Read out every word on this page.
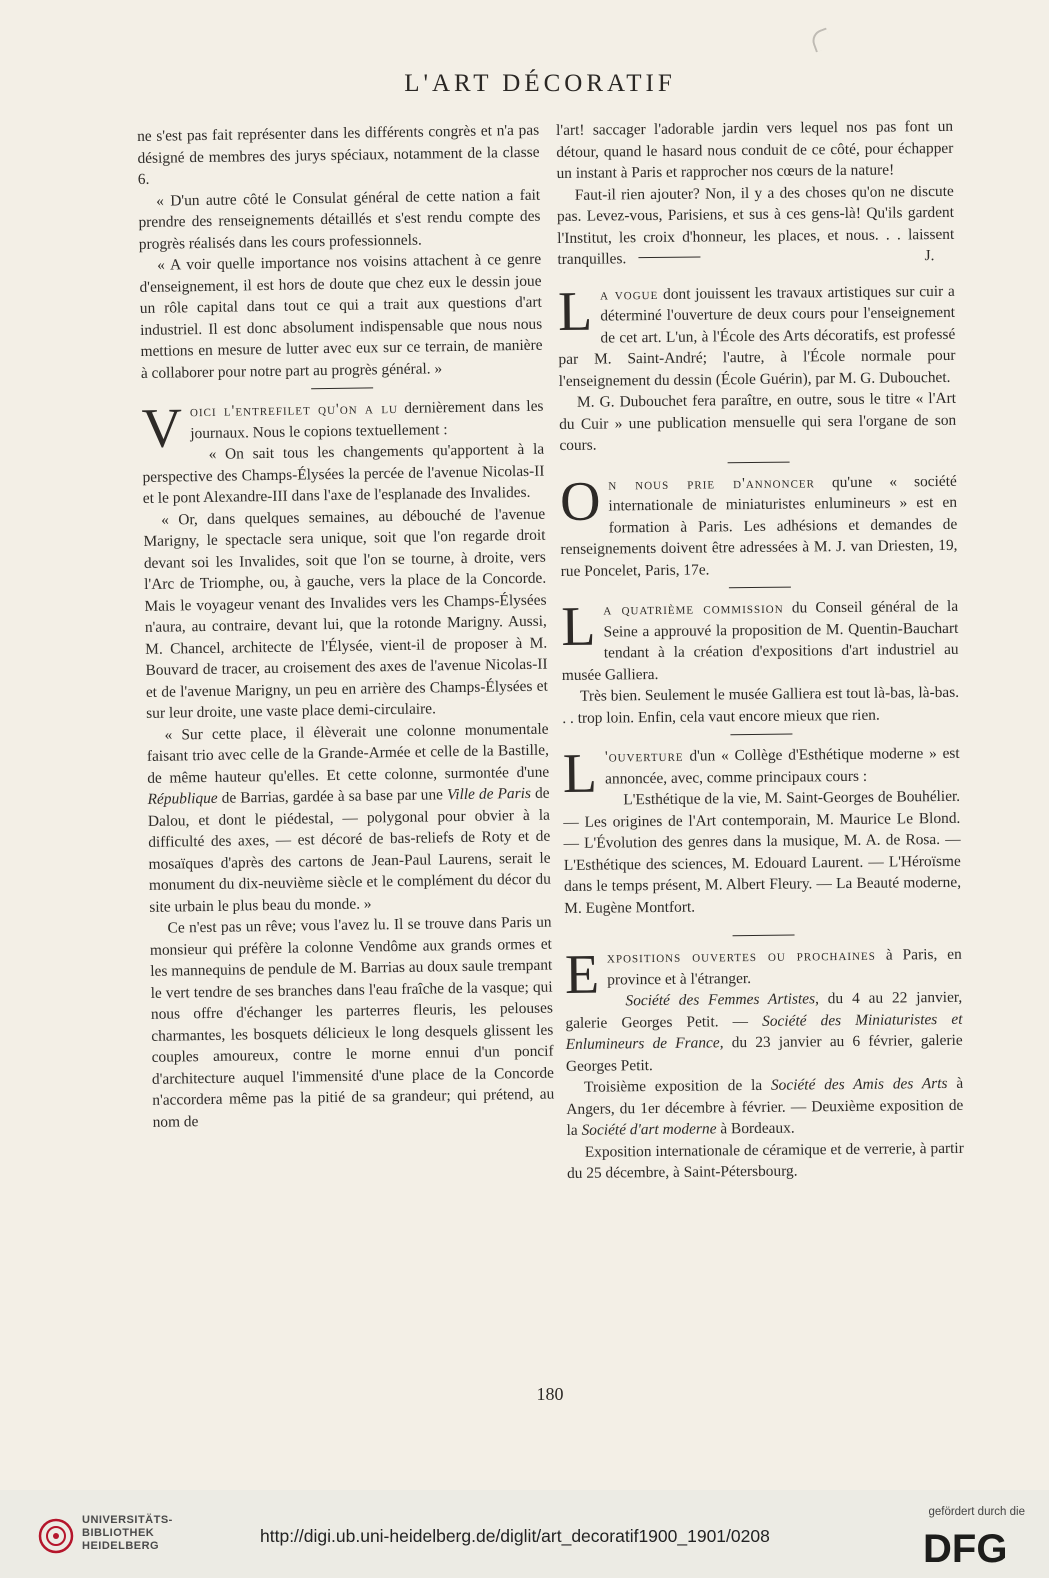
L'ART DÉCORATIF

ne s'est pas fait représenter dans les différents congrès et n'a pas désigné de membres des jurys spéciaux, notamment de la classe 6.

« D'un autre côté le Consulat général de cette nation a fait prendre des renseignements détaillés et s'est rendu compte des progrès réalisés dans les cours professionnels.

« A voir quelle importance nos voisins attachent à ce genre d'enseignement, il est hors de doute que chez eux le dessin joue un rôle capital dans tout ce qui a trait aux questions d'art industriel. Il est donc absolument indispensable que nous nous mettions en mesure de lutter avec eux sur ce terrain, de manière à collaborer pour notre part au progrès général. »

Voici l'entrefilet qu'on a lu dernièrement dans les journaux. Nous le copions textuellement :

« On sait tous les changements qu'apportent à la perspective des Champs-Élysées la percée de l'avenue Nicolas-II et le pont Alexandre-III dans l'axe de l'esplanade des Invalides.

« Or, dans quelques semaines, au débouché de l'avenue Marigny, le spectacle sera unique, soit que l'on regarde droit devant soi les Invalides, soit que l'on se tourne, à droite, vers l'Arc de Triomphe, ou, à gauche, vers la place de la Concorde. Mais le voyageur venant des Invalides vers les Champs-Élysées n'aura, au contraire, devant lui, que la rotonde Marigny. Aussi, M. Chancel, architecte de l'Élysée, vient-il de proposer à M. Bouvard de tracer, au croisement des axes de l'avenue Nicolas-II et de l'avenue Marigny, un peu en arrière des Champs-Élysées et sur leur droite, une vaste place demi-circulaire.

« Sur cette place, il élèverait une colonne monumentale faisant trio avec celle de la Grande-Armée et celle de la Bastille, de même hauteur qu'elles. Et cette colonne, surmontée d'une République de Barrias, gardée à sa base par une Ville de Paris de Dalou, et dont le piédestal, — polygonal pour obvier à la difficulté des axes, — est décoré de bas-reliefs de Roty et de mosaïques d'après des cartons de Jean-Paul Laurens, serait le monument du dix-neuvième siècle et le complément du décor du site urbain le plus beau du monde. »

Ce n'est pas un rêve; vous l'avez lu. Il se trouve dans Paris un monsieur qui préfère la colonne Vendôme aux grands ormes et les mannequins de pendule de M. Barrias au doux saule trempant le vert tendre de ses branches dans l'eau fraîche de la vasque; qui nous offre d'échanger les parterres fleuris, les pelouses charmantes, les bosquets délicieux le long desquels glissent les couples amoureux, contre le morne ennui d'un poncif d'architecture auquel l'immensité d'une place de la Concorde n'accordera même pas la pitié de sa grandeur; qui prétend, au nom de

l'art! saccager l'adorable jardin vers lequel nos pas font un détour, quand le hasard nous conduit de ce côté, pour échapper un instant à Paris et rapprocher nos cœurs de la nature!

Faut-il rien ajouter? Non, il y a des choses qu'on ne discute pas. Levez-vous, Parisiens, et sus à ces gens-là! Qu'ils gardent l'Institut, les croix d'honneur, les places, et nous. . . laissent tranquilles.	J.

La vogue dont jouissent les travaux artistiques sur cuir a déterminé l'ouverture de deux cours pour l'enseignement de cet art. L'un, à l'École des Arts décoratifs, est professé par M. Saint-André; l'autre, à l'École normale pour l'enseignement du dessin (École Guérin), par M. G. Dubouchet.

M. G. Dubouchet fera paraître, en outre, sous le titre « l'Art du Cuir » une publication mensuelle qui sera l'organe de son cours.

On nous prie d'annoncer qu'une « société internationale de miniaturistes enlumineurs » est en formation à Paris. Les adhésions et demandes de renseignements doivent être adressées à M. J. van Driesten, 19, rue Poncelet, Paris, 17e.

La quatrième commission du Conseil général de la Seine a approuvé la proposition de M. Quentin-Bauchart tendant à la création d'expositions d'art industriel au musée Galliera.

Très bien. Seulement le musée Galliera est tout là-bas, là-bas. . . trop loin. Enfin, cela vaut encore mieux que rien.

L 'ouverture d'un « Collège d'Esthétique moderne » est annoncée, avec, comme principaux cours :

L'Esthétique de la vie, M. Saint-Georges de Bouhélier. — Les origines de l'Art contemporain, M. Maurice Le Blond. — L'Évolution des genres dans la musique, M. A. de Rosa. — L'Esthétique des sciences, M. Edouard Laurent. — L'Héroïsme dans le temps présent, M. Albert Fleury. — La Beauté moderne, M. Eugène Montfort.

Expositions ouvertes ou prochaines à Paris, en province et à l'étranger.

Société des Femmes Artistes, du 4 au 22 janvier, galerie Georges Petit. — Société des Miniaturistes et Enlumineurs de France, du 23 janvier au 6 février, galerie Georges Petit.

Troisième exposition de la Société des Amis des Arts à Angers, du 1er décembre à février. — Deuxième exposition de la Société d'art moderne à Bordeaux.

Exposition internationale de céramique et de verrerie, à partir du 25 décembre, à Saint-Pétersbourg.

180
UNIVERSITÄTS-
BIBLIOTHEK
HEIDELBERG	http://digi.ub.uni-heidelberg.de/diglit/art_decoratif1900_1901/0208
gefördert durch die
DFG
